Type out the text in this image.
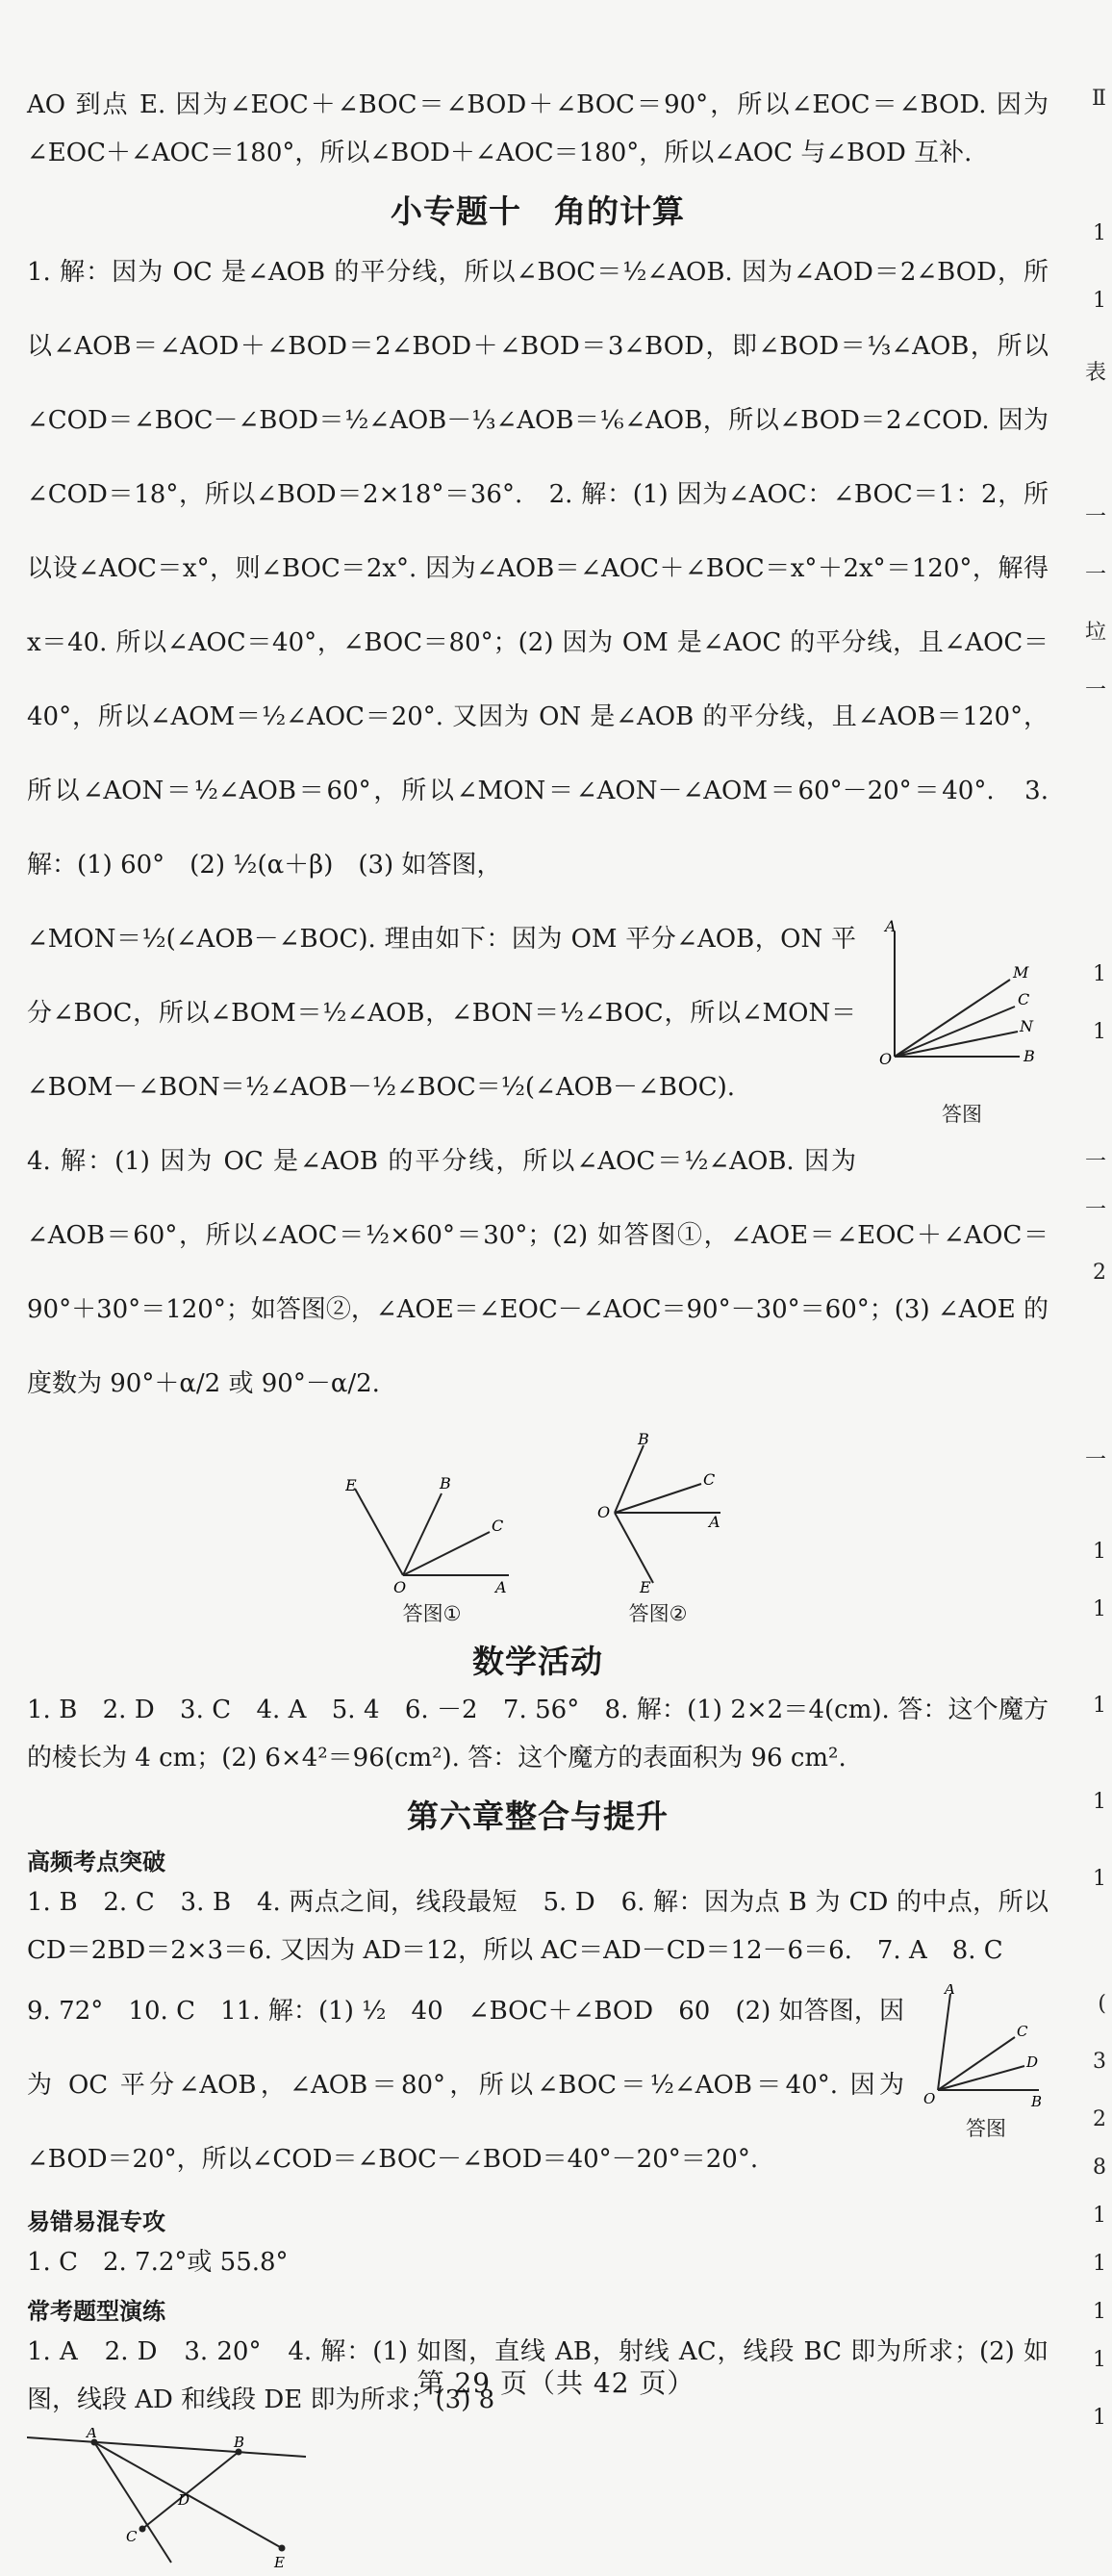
AO 到点 E. 因为∠EOC＋∠BOC＝∠BOD＋∠BOC＝90°，所以∠EOC＝∠BOD. 因为∠EOC＋∠AOC＝180°，所以∠BOD＋∠AOC＝180°，所以∠AOC 与∠BOD 互补.

小专题十　角的计算

1. 解：因为 OC 是∠AOB 的平分线，所以∠BOC＝½∠AOB. 因为∠AOD＝2∠BOD，所以∠AOB＝∠AOD＋∠BOD＝2∠BOD＋∠BOD＝3∠BOD，即∠BOD＝⅓∠AOB，所以∠COD＝∠BOC－∠BOD＝½∠AOB－⅓∠AOB＝⅙∠AOB，所以∠BOD＝2∠COD. 因为∠COD＝18°，所以∠BOD＝2×18°＝36°.　2. 解：(1) 因为∠AOC：∠BOC＝1：2，所以设∠AOC＝x°，则∠BOC＝2x°. 因为∠AOB＝∠AOC＋∠BOC＝x°＋2x°＝120°，解得 x＝40. 所以∠AOC＝40°，∠BOC＝80°；(2) 因为 OM 是∠AOC 的平分线，且∠AOC＝40°，所以∠AOM＝½∠AOC＝20°. 又因为 ON 是∠AOB 的平分线，且∠AOB＝120°，所以∠AON＝½∠AOB＝60°，所以∠MON＝∠AON－∠AOM＝60°－20°＝40°.　3. 解：(1) 60°　(2) ½(α＋β)　(3) 如答图，

A
M
C
N
B
O
答图

∠MON＝½(∠AOB－∠BOC). 理由如下：因为 OM 平分∠AOB，ON 平分∠BOC，所以∠BOM＝½∠AOB，∠BON＝½∠BOC，所以∠MON＝∠BOM－∠BON＝½∠AOB－½∠BOC＝½(∠AOB－∠BOC).

4. 解：(1) 因为 OC 是∠AOB 的平分线，所以∠AOC＝½∠AOB. 因为∠AOB＝60°，所以∠AOC＝½×60°＝30°；(2) 如答图①，∠AOE＝∠EOC＋∠AOC＝90°＋30°＝120°；如答图②，∠AOE＝∠EOC－∠AOC＝90°－30°＝60°；(3) ∠AOE 的度数为 90°＋α/2 或 90°－α/2.

E	B
C
A
O
答图①
B
C
A
O
E
答图②
数学活动

1. B　2. D　3. C　4. A　5. 4　6. －2　7. 56°　8. 解：(1) 2×2＝4(cm). 答：这个魔方的棱长为 4 cm；(2) 6×4²＝96(cm²). 答：这个魔方的表面积为 96 cm².

第六章整合与提升
高频考点突破

1. B　2. C　3. B　4. 两点之间，线段最短　5. D　6. 解：因为点 B 为 CD 的中点，所以 CD＝2BD＝2×3＝6. 又因为 AD＝12，所以 AC＝AD－CD＝12－6＝6.　7. A　8. C

A
C
D
B
O
答图

9. 72°　10. C　11. 解：(1) ½　40　∠BOC＋∠BOD　60　(2) 如答图，因为 OC 平分∠AOB，∠AOB＝80°，所以∠BOC＝½∠AOB＝40°. 因为∠BOD＝20°，所以∠COD＝∠BOC－∠BOD＝40°－20°＝20°.

易错易混专攻

1. C　2. 7.2°或 55.8°

常考题型演练

1. A　2. D　3. 20°　4. 解：(1) 如图，直线 AB，射线 AC，线段 BC 即为所求；(2) 如图，线段 AD 和线段 DE 即为所求；(3) 8

A
B
C
D
E
第 29 页（共 42 页）
Ⅱ
1
1
表
一
一
垃
一
1
1
一
一
2
一
1
1
1
1
1
(
3
2
8
1
1
1
1
1
